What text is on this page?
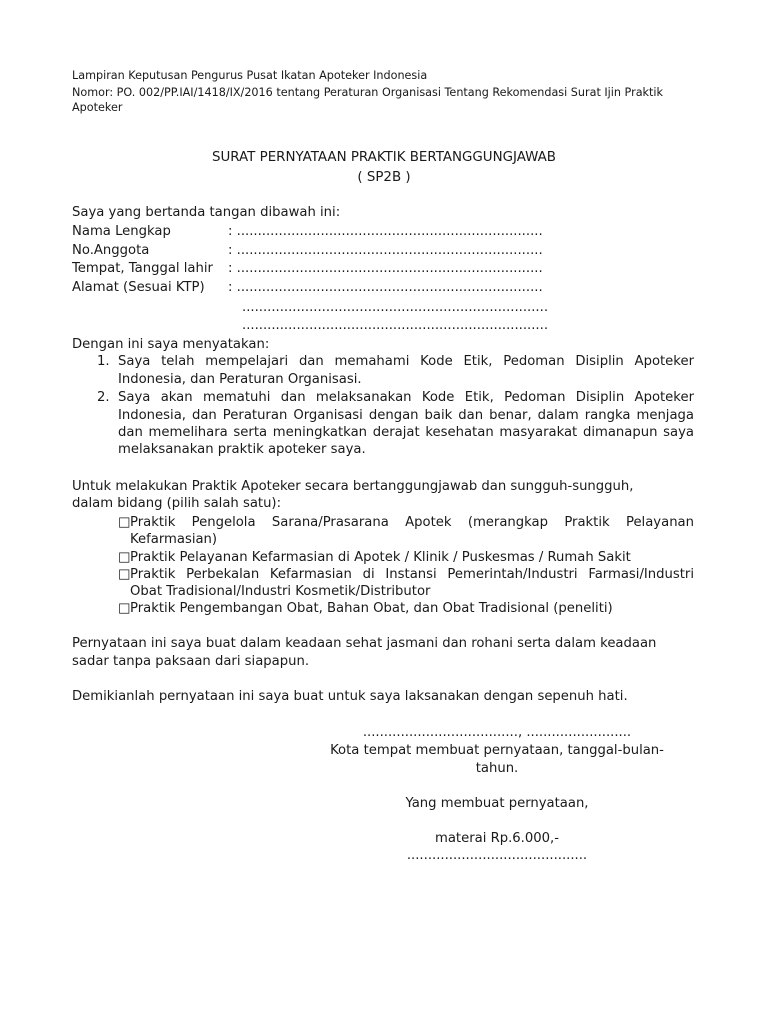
Lampiran Keputusan Pengurus Pusat Ikatan Apoteker Indonesia
Nomor: PO. 002/PP.IAI/1418/IX/2016 tentang Peraturan Organisasi Tentang Rekomendasi Surat Ijin Praktik
Apoteker
SURAT PERNYATAAN PRAKTIK BERTANGGUNGJAWAB
( SP2B )
Saya yang bertanda tangan dibawah ini:
Nama Lengkap	: .........................................................................
No.Anggota	: .........................................................................
Tempat, Tanggal lahir : .........................................................................
Alamat (Sesuai KTP) : .........................................................................
.........................................................................
.........................................................................
Dengan ini saya menyatakan:
1. Saya telah mempelajari dan memahami Kode Etik, Pedoman Disiplin Apoteker
Indonesia, dan Peraturan Organisasi.
2. Saya akan mematuhi dan melaksanakan Kode Etik, Pedoman Disiplin Apoteker
Indonesia, dan Peraturan Organisasi dengan baik dan benar, dalam rangka menjaga
dan memelihara serta meningkatkan derajat kesehatan masyarakat dimanapun saya
melaksanakan praktik apoteker saya.
Untuk melakukan Praktik Apoteker secara bertanggungjawab dan sungguh-sungguh,
dalam bidang (pilih salah satu):
□ Praktik Pengelola Sarana/Prasarana Apotek (merangkap Praktik Pelayanan
Kefarmasian)
□ Praktik Pelayanan Kefarmasian di Apotek / Klinik / Puskesmas / Rumah Sakit
□ Praktik Perbekalan Kefarmasian di Instansi Pemerintah/Industri Farmasi/Industri
Obat Tradisional/Industri Kosmetik/Distributor
□ Praktik Pengembangan Obat, Bahan Obat, dan Obat Tradisional (peneliti)
Pernyataan ini saya buat dalam keadaan sehat jasmani dan rohani serta dalam keadaan
sadar tanpa paksaan dari siapapun.
Demikianlah pernyataan ini saya buat untuk saya laksanakan dengan sepenuh hati.
....................................., .........................
Kota tempat membuat pernyataan, tanggal-bulan-
tahun.
Yang membuat pernyataan,
materai Rp.6.000,-
...........................................
